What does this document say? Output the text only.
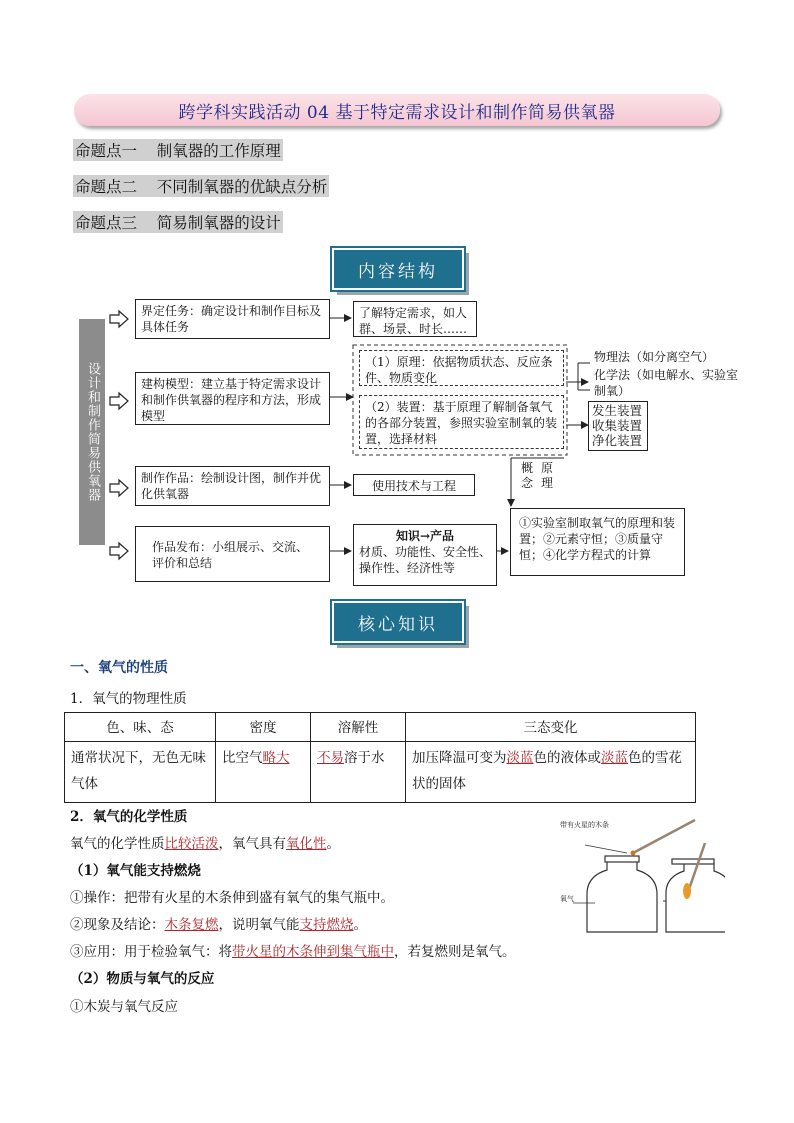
跨学科实践活动 04 基于特定需求设计和制作简易供氧器
命题点一
制氧器的工作原理
命题点二
不同制氧器的优缺点分析
命题点三
简易制氧器的设计
内容结构
设计和制作简易供氧器
界定任务：确定设计和制作目标及具体任务
了解特定需求，如人群、场景、时长……
建构模型：建立基于特定需求设计和制作供氧器的程序和方法，形成模型
（1）原理：依据物质状态、反应条件、物质变化
（2）装置：基于原理了解制备氧气的各部分装置，参照实验室制氧的装置，选择材料
物理法（如分离空气）
化学法（如电解水、实验室制氧）
发生装置
收集装置
净化装置
概念
原理
制作作品：绘制设计图，制作并优化供氧器
使用技术与工程
①实验室制取氧气的原理和装置；②元素守恒；③质量守恒；④化学方程式的计算
作品发布：小组展示、交流、评价和总结
知识→产品
材质、功能性、安全性、操作性、经济性等
核心知识
一、氧气的性质
1．氧气的物理性质
色、味、态	密度	溶解性	三态变化
通常状况下，无色无味气体	比空气略大	不易溶于水	加压降温可变为淡蓝色的液体或淡蓝色的雪花状的固体
2．氧气的化学性质
氧气的化学性质比较活泼，氧气具有氧化性。
（1）氧气能支持燃烧
①操作：把带有火星的木条伸到盛有氧气的集气瓶中。
②现象及结论：木条复燃，说明氧气能支持燃烧。
③应用：用于检验氧气：将带火星的木条伸到集气瓶中，若复燃则是氧气。
（2）物质与氧气的反应
①木炭与氧气反应
带有火星的木条
氧气
